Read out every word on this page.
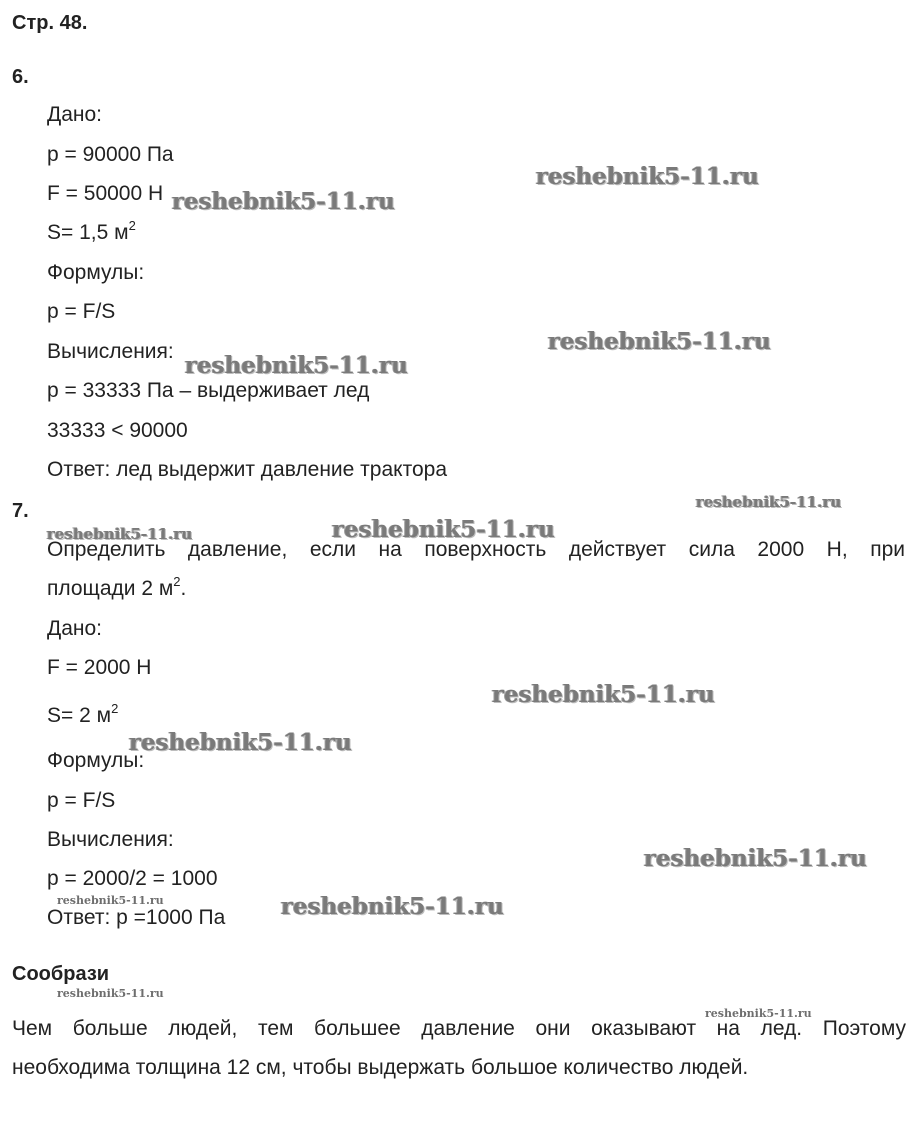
Стр. 48.
6.
Дано:
p = 90000 Па
F = 50000 Н
S= 1,5 $м^2$
Формулы:
p = F/S
Вычисления:
p = 33333 Па – выдерживает лед
33333 < 90000
Ответ: лед выдержит давление трактора
7.
Определить давление, если на поверхность действует сила 2000 Н, при
площади 2 $м^2$.
Дано:
F = 2000 Н
S= 2 $м^2$
Формулы:
p = F/S
Вычисления:
p = 2000/2 = 1000
Ответ: p =1000 Па
Сообрази
Чем больше людей, тем большее давление они оказывают на лед. Поэтому
необходима толщина 12 см, чтобы выдержать большое количество людей.
reshebnik5-11.ru
reshebnik5-11.ru
reshebnik5-11.ru
reshebnik5-11.ru
reshebnik5-11.ru
reshebnik5-11.ru	reshebnik5-11.ru
reshebnik5-11.ru
reshebnik5-11.ru
reshebnik5-11.ru
reshebnik5-11.ru	reshebnik5-11.ru
reshebnik5-11.ru
reshebnik5-11.ru
